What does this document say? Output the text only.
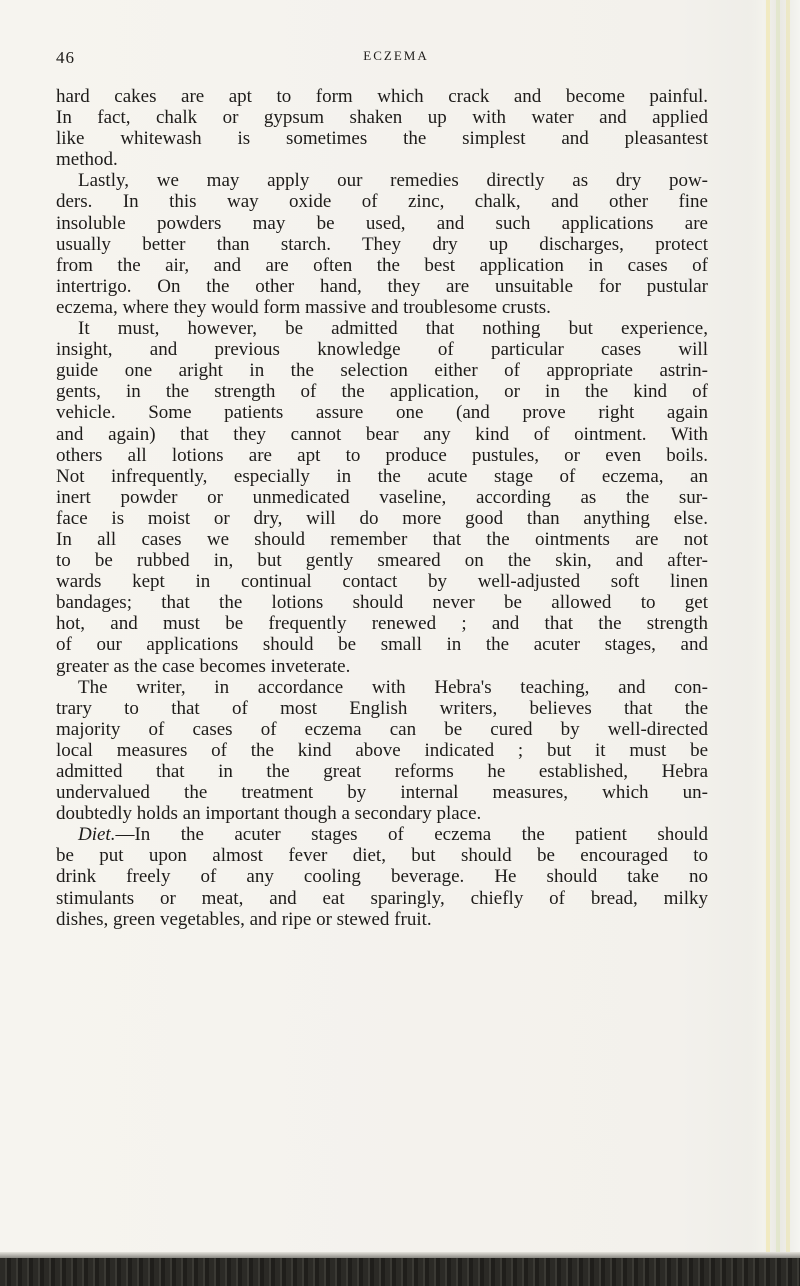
46	ECZEMA
hard cakes are apt to form which crack and become painful.
In fact, chalk or gypsum shaken up with water and applied
like whitewash is sometimes the simplest and pleasantest
method.
Lastly, we may apply our remedies directly as dry pow-
ders. In this way oxide of zinc, chalk, and other fine
insoluble powders may be used, and such applications are
usually better than starch. They dry up discharges, protect
from the air, and are often the best application in cases of
intertrigo. On the other hand, they are unsuitable for pustular
eczema, where they would form massive and troublesome crusts.
It must, however, be admitted that nothing but experience,
insight, and previous knowledge of particular cases will
guide one aright in the selection either of appropriate astrin-
gents, in the strength of the application, or in the kind of
vehicle. Some patients assure one (and prove right again
and again) that they cannot bear any kind of ointment. With
others all lotions are apt to produce pustules, or even boils.
Not infrequently, especially in the acute stage of eczema, an
inert powder or unmedicated vaseline, according as the sur-
face is moist or dry, will do more good than anything else.
In all cases we should remember that the ointments are not
to be rubbed in, but gently smeared on the skin, and after-
wards kept in continual contact by well-adjusted soft linen
bandages; that the lotions should never be allowed to get
hot, and must be frequently renewed ; and that the strength
of our applications should be small in the acuter stages, and
greater as the case becomes inveterate.
The writer, in accordance with Hebra's teaching, and con-
trary to that of most English writers, believes that the
majority of cases of eczema can be cured by well-directed
local measures of the kind above indicated ; but it must be
admitted that in the great reforms he established, Hebra
undervalued the treatment by internal measures, which un-
doubtedly holds an important though a secondary place.
Diet.—In the acuter stages of eczema the patient should
be put upon almost fever diet, but should be encouraged to
drink freely of any cooling beverage. He should take no
stimulants or meat, and eat sparingly, chiefly of bread, milky
dishes, green vegetables, and ripe or stewed fruit.
